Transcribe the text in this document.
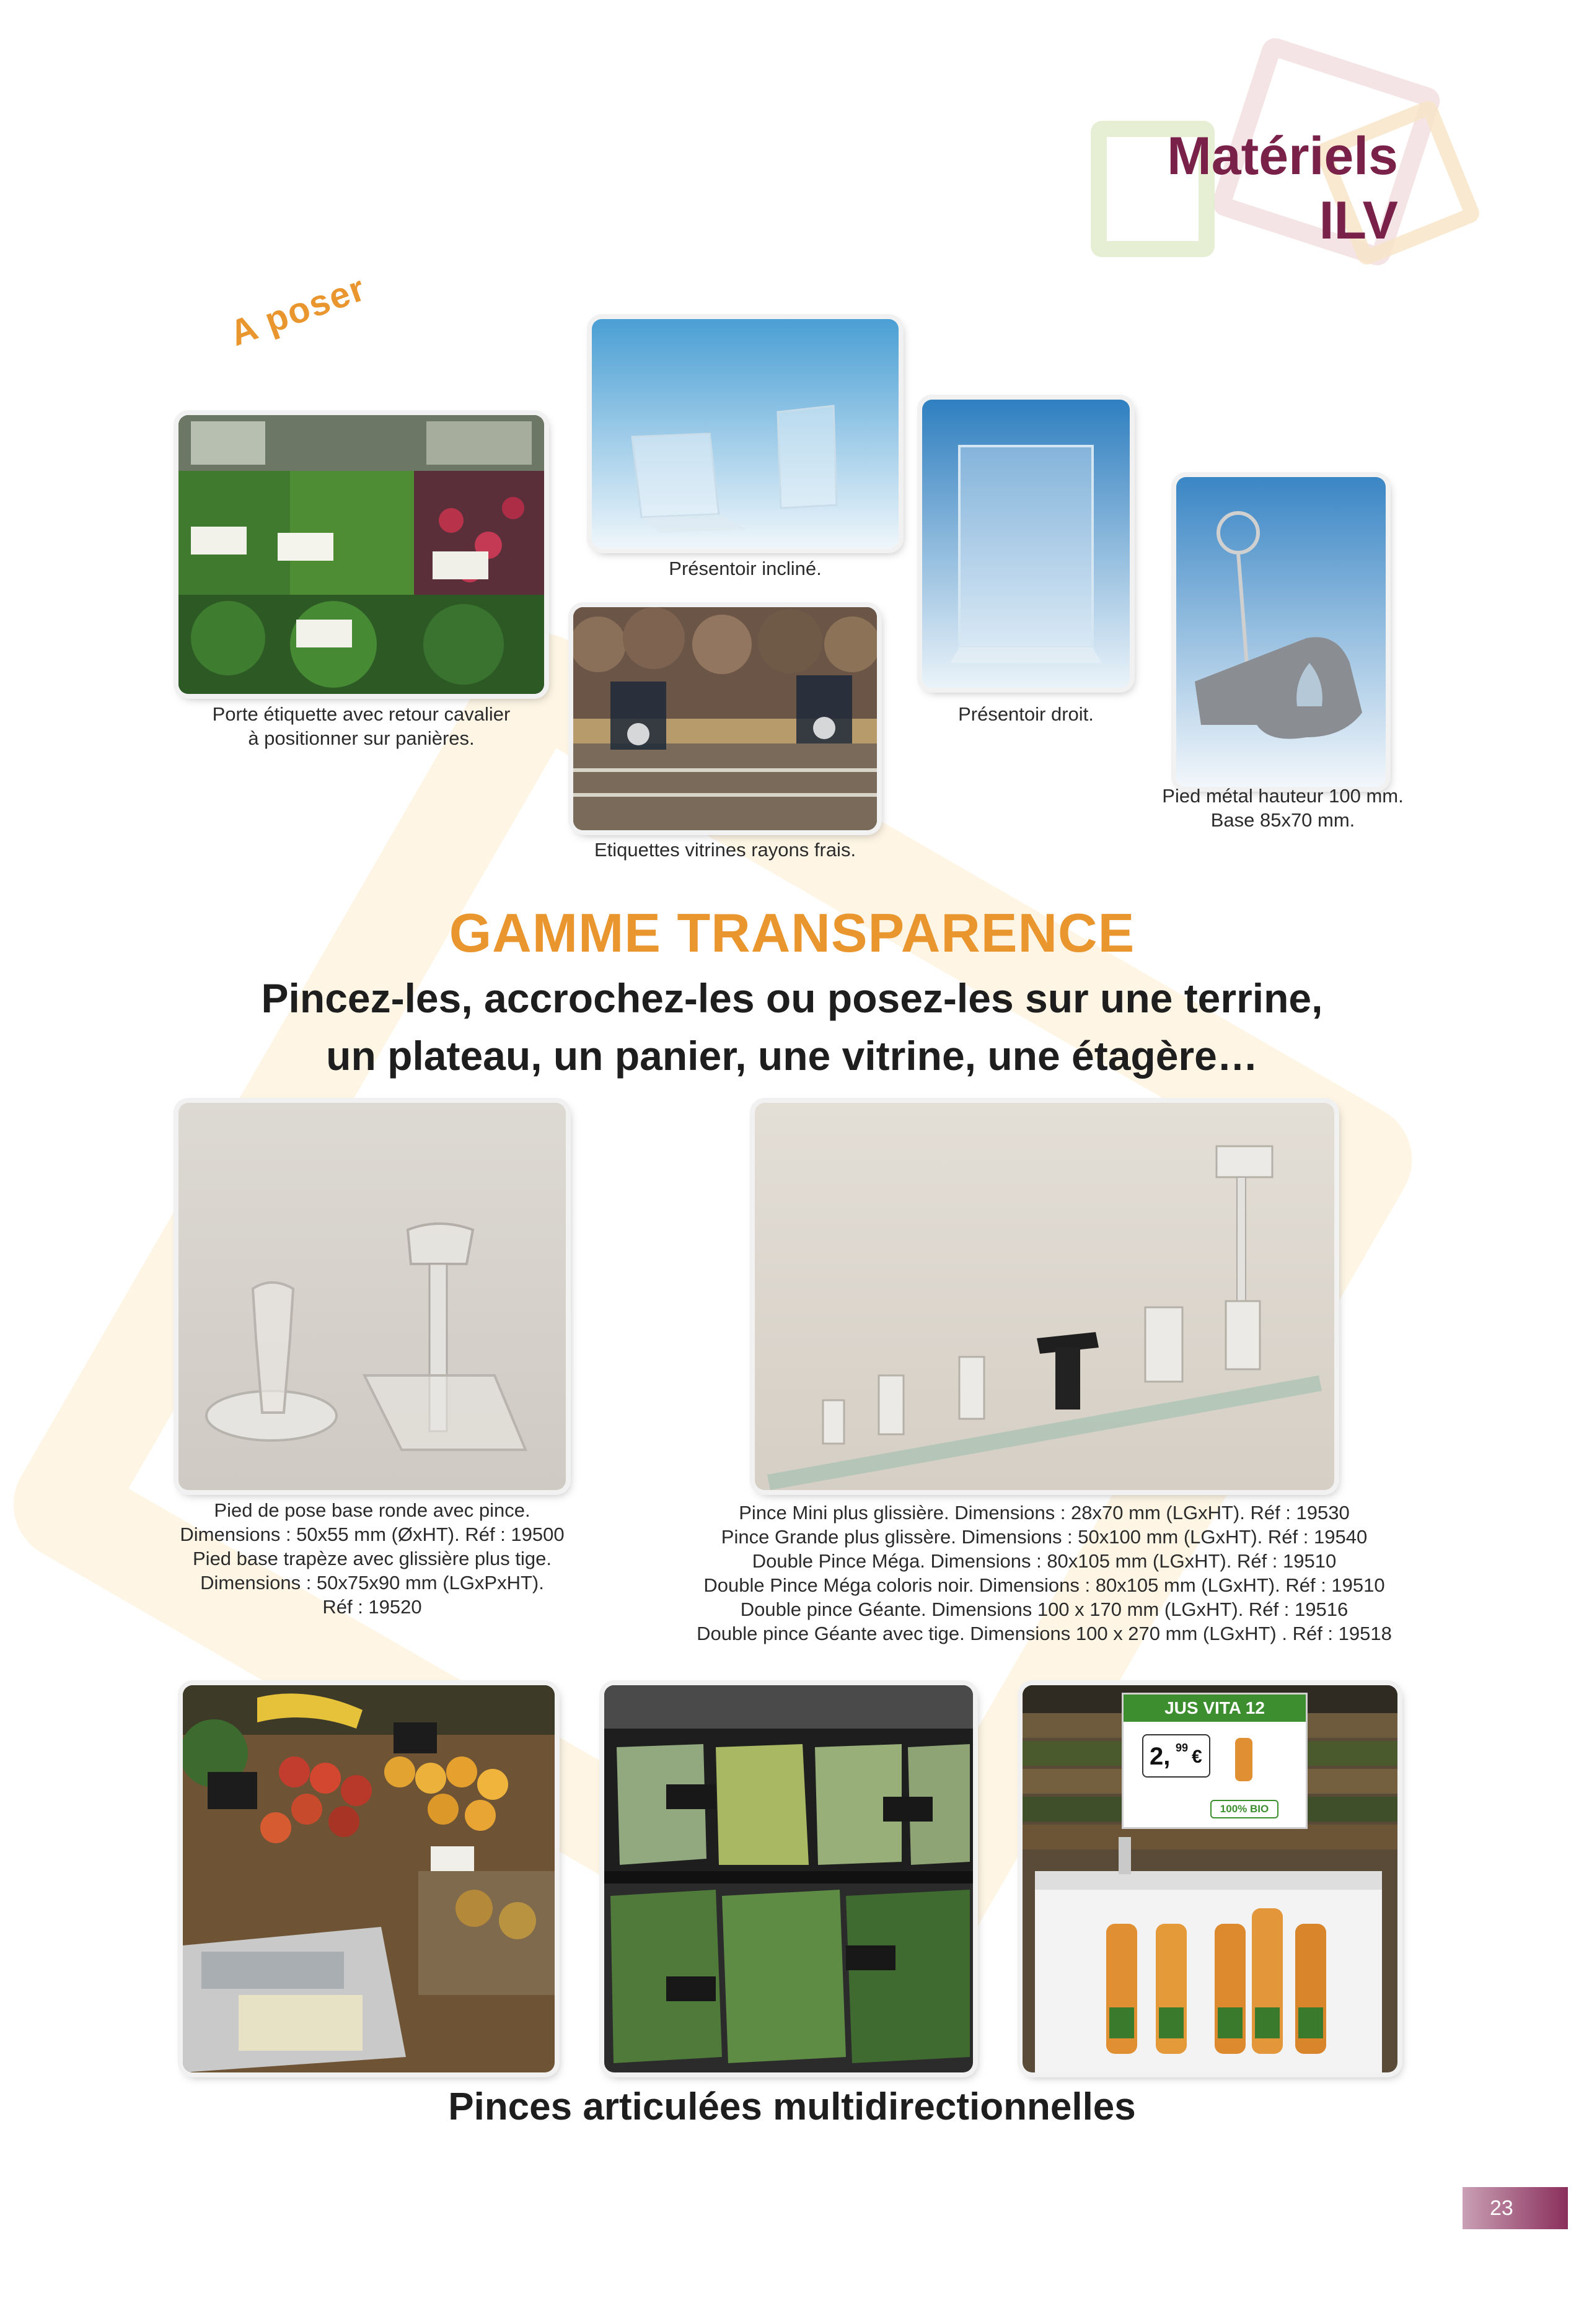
Matériels
ILV
A poser
Porte étiquette avec retour cavalier
à positionner sur panières.
Présentoir incliné.
Etiquettes vitrines rayons frais.
Présentoir droit.
Pied métal hauteur 100 mm.
Base 85x70 mm.
GAMME TRANSPARENCE
Pincez-les, accrochez-les ou posez-les sur une terrine,
un plateau, un panier, une vitrine, une étagère…
Pied de pose base ronde avec pince.
Dimensions : 50x55 mm (ØxHT). Réf : 19500
Pied base trapèze avec glissière plus tige.
Dimensions : 50x75x90 mm (LGxPxHT).
Réf : 19520
Pince Mini plus glissière. Dimensions : 28x70 mm (LGxHT). Réf : 19530
Pince Grande plus glissère. Dimensions : 50x100 mm (LGxHT). Réf : 19540
Double Pince Méga. Dimensions : 80x105 mm (LGxHT). Réf : 19510
Double Pince Méga coloris noir. Dimensions : 80x105 mm (LGxHT). Réf : 19510
Double pince Géante. Dimensions 100 x 170 mm (LGxHT). Réf : 19516
Double pince Géante avec tige. Dimensions 100 x 270 mm (LGxHT) . Réf : 19518
JUS VITA 12
2, 99 €
100% BIO
Pinces articulées multidirectionnelles
23
